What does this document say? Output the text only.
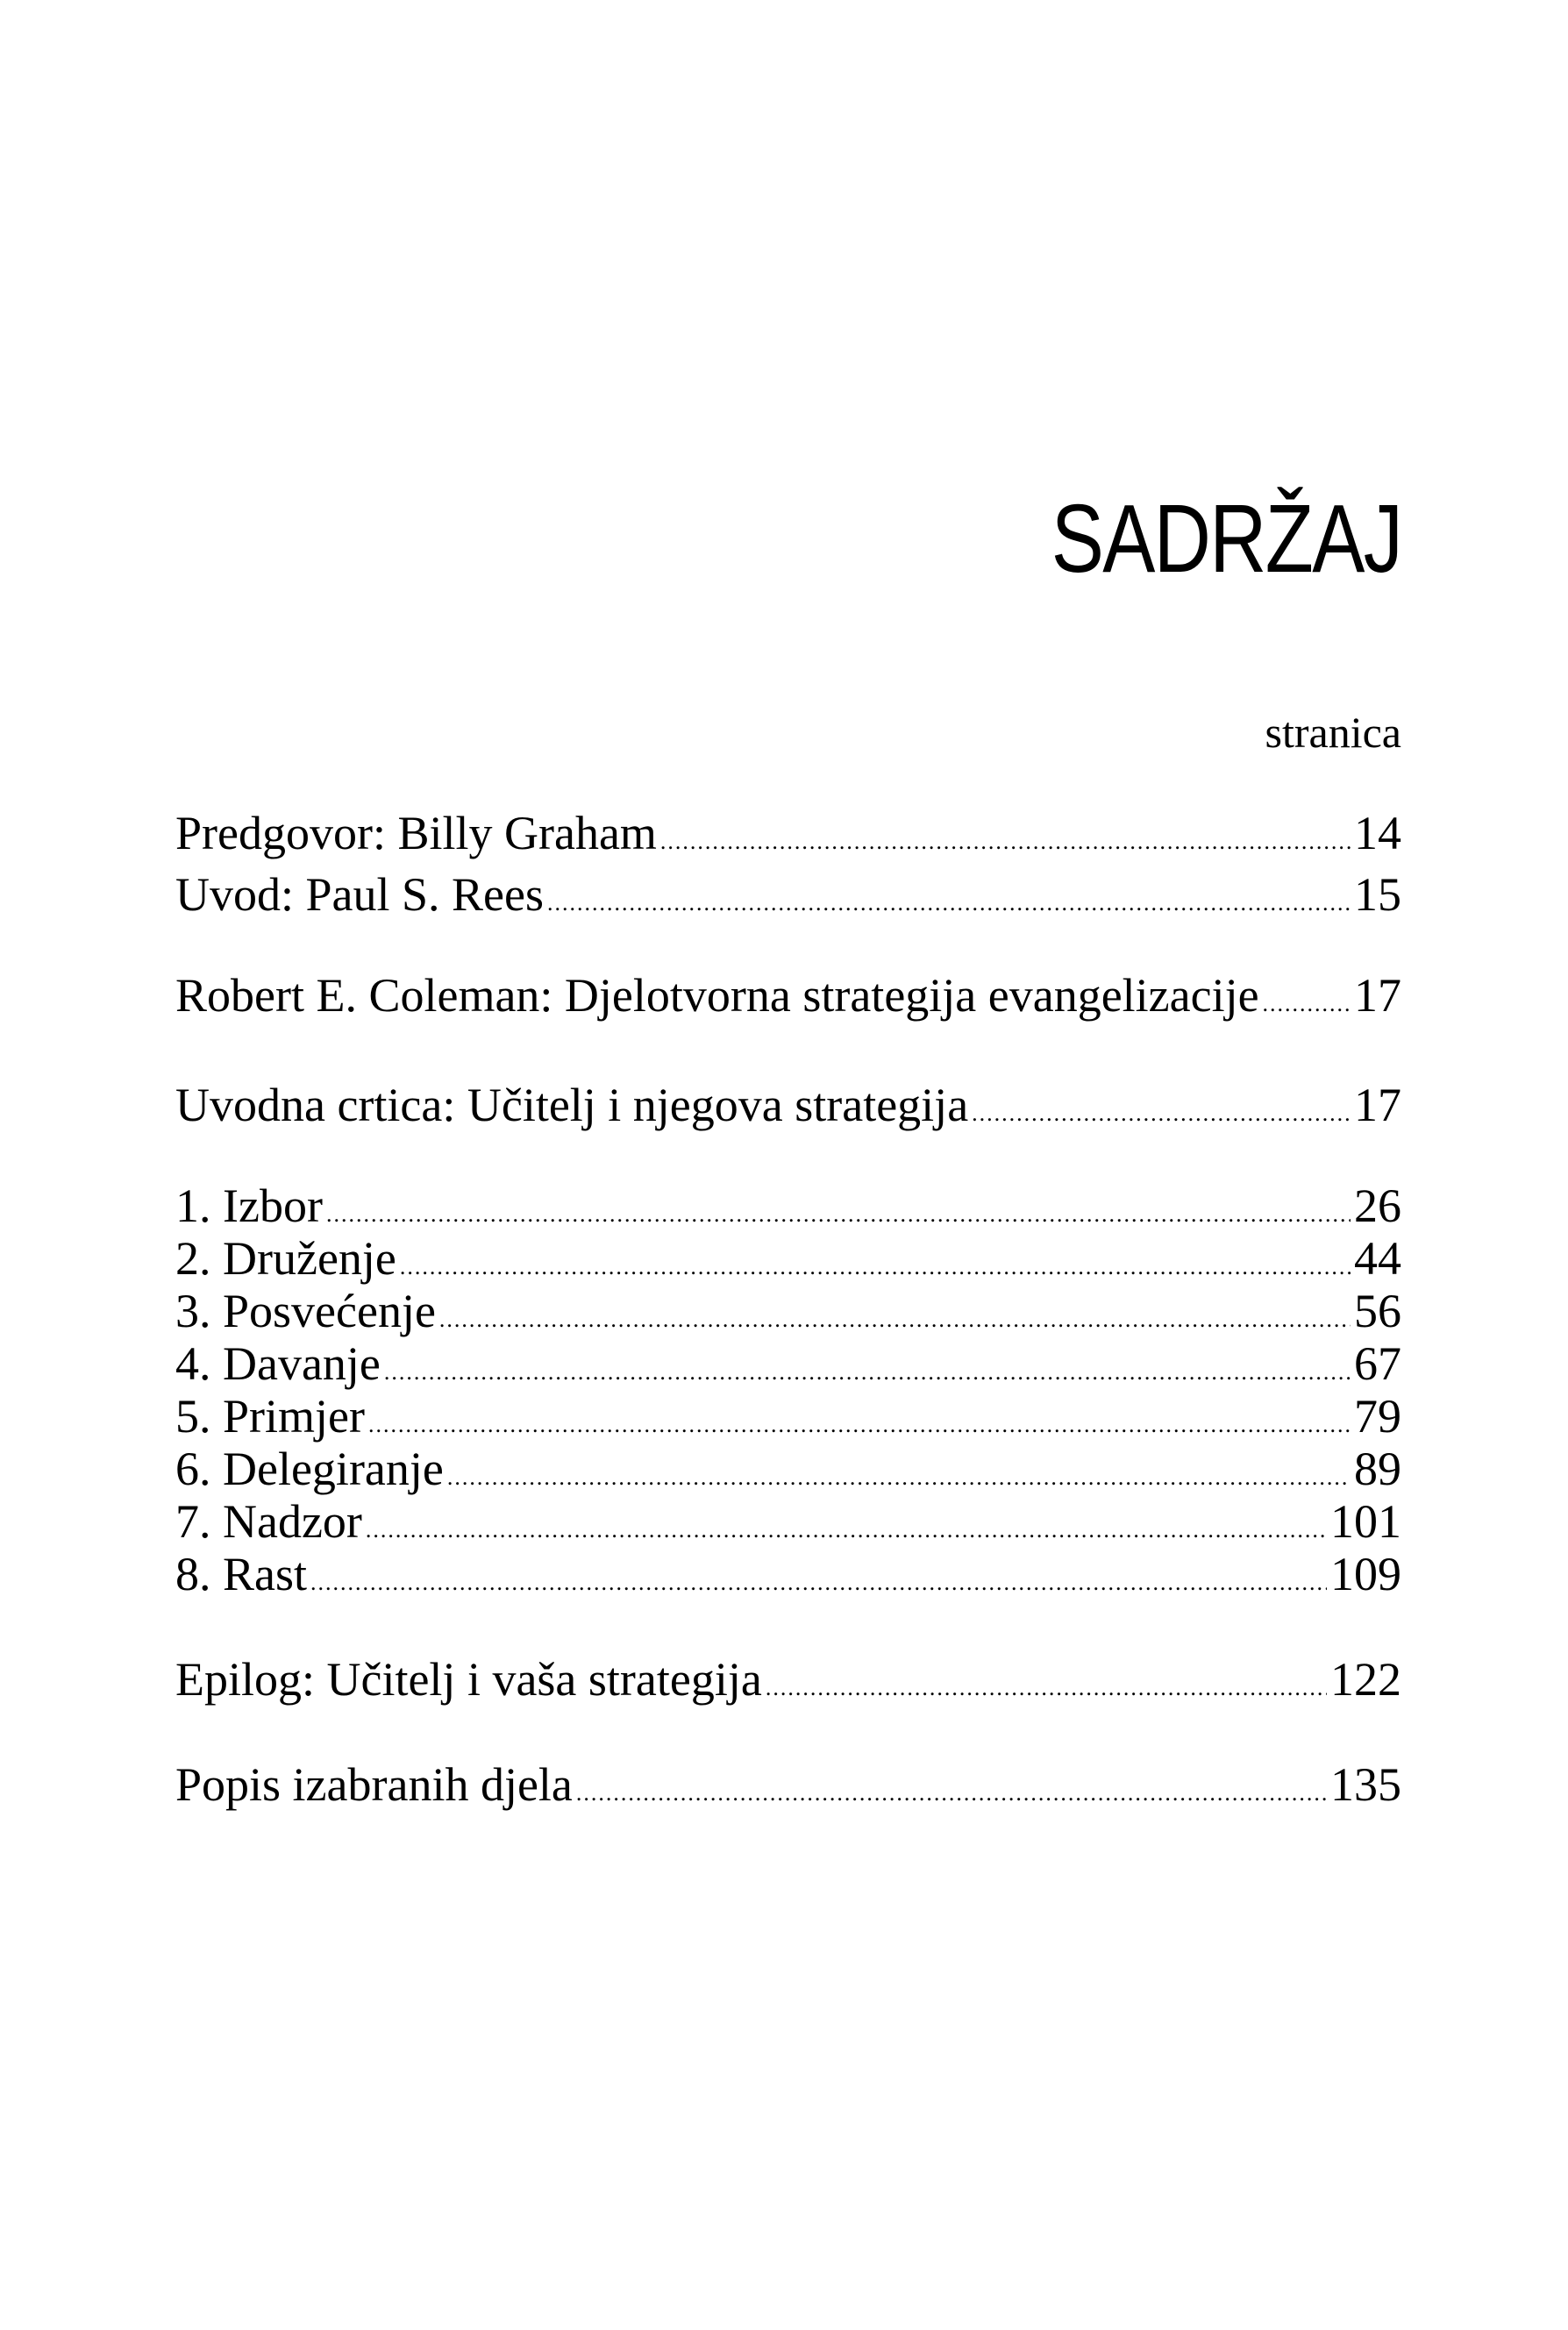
SADRŽAJ
stranica
Predgovor: Billy Graham .....	14
Uvod: Paul S. Rees .....	15
Robert E. Coleman: Djelotvorna strategija evangelizacije ..... 17
Uvodna crtica: Učitelj i njegova strategija .....	17
1. Izbor .....	26
2. Druženje .....	44
3. Posvećenje .....	56
4. Davanje .....	67
5. Primjer .....	79
6. Delegiranje .....	89
7. Nadzor .....	101
8. Rast .....	109
Epilog: Učitelj i vaša strategija .....	122
Popis izabranih djela .....	135
